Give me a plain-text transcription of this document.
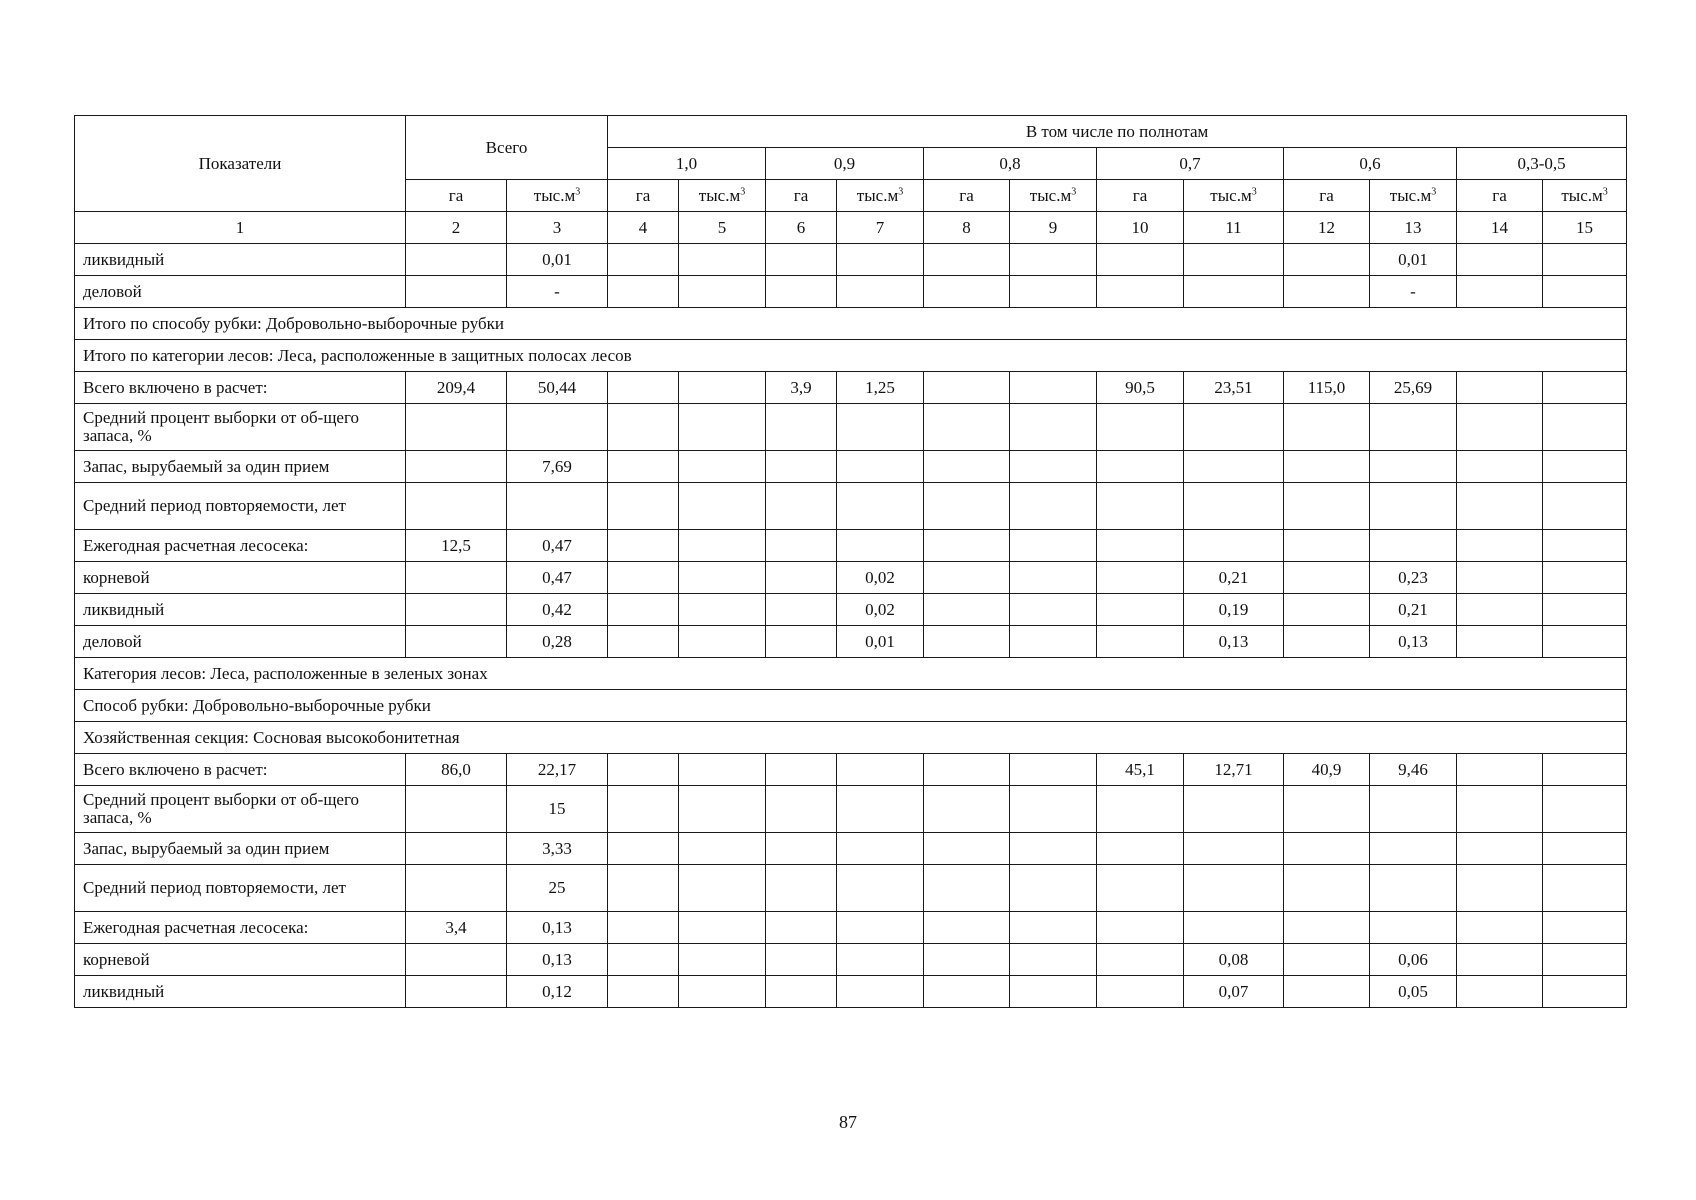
Показатели	Всего		В том числе по полнотам											
			1,0		0,9		0,8		0,7		0,6		0,3-0,5	
	га	$тыс.м^3$	га	$тыс.м^3$	га	$тыс.м^3$	га	$тыс.м^3$	га	$тыс.м^3$	га	$тыс.м^3$	га	$тыс.м^3$
1	2	3	4	5	6	7	8	9	10	11	12	13	14	15
ликвидный		0,01										0,01		
деловой		-										-		
Итого по способу рубки: Добровольно-выборочные рубки														
Итого по категории лесов: Леса, расположенные в защитных полосах лесов														
Всего включено в расчет:	209,4	50,44			3,9	1,25			90,5	23,51	115,0	25,69		
Средний процент выборки от об-щего запаса, %														
Запас, вырубаемый за один прием		7,69												
Средний период повторяемости, лет														
Ежегодная расчетная лесосека:	12,5	0,47												
корневой		0,47				0,02				0,21		0,23		
ликвидный		0,42				0,02				0,19		0,21		
деловой		0,28				0,01				0,13		0,13		
Категория лесов: Леса, расположенные в зеленых зонах														
Способ рубки: Добровольно-выборочные рубки														
Хозяйственная секция: Сосновая высокобонитетная														
Всего включено в расчет:	86,0	22,17							45,1	12,71	40,9	9,46		
Средний процент выборки от об-щего запаса, %		15												
Запас, вырубаемый за один прием		3,33												
Средний период повторяемости, лет		25												
Ежегодная расчетная лесосека:	3,4	0,13												
корневой		0,13								0,08		0,06		
ликвидный		0,12								0,07		0,05		
87
